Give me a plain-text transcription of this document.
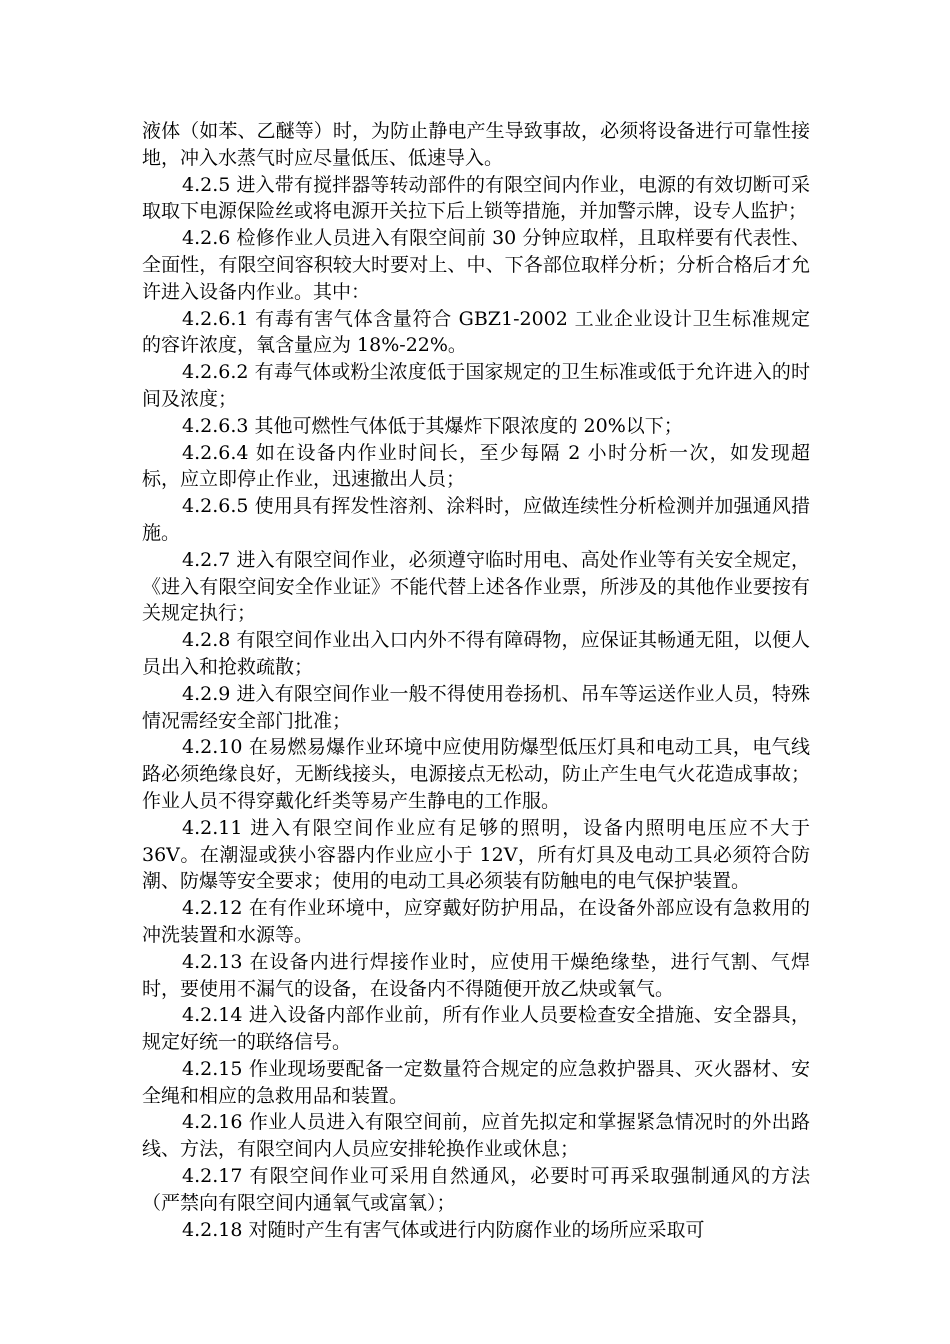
液体（如苯、乙醚等）时，为防止静电产生导致事故，必须将设备进行可靠性接地，冲入水蒸气时应尽量低压、低速导入。

4.2.5 进入带有搅拌器等转动部件的有限空间内作业，电源的有效切断可采取取下电源保险丝或将电源开关拉下后上锁等措施，并加警示牌，设专人监护；

4.2.6 检修作业人员进入有限空间前 30 分钟应取样，且取样要有代表性、全面性，有限空间容积较大时要对上、中、下各部位取样分析；分析合格后才允许进入设备内作业。其中：

4.2.6.1 有毒有害气体含量符合 GBZ1-2002 工业企业设计卫生标准规定的容许浓度，氧含量应为 18%-22%。

4.2.6.2 有毒气体或粉尘浓度低于国家规定的卫生标准或低于允许进入的时间及浓度；

4.2.6.3 其他可燃性气体低于其爆炸下限浓度的 20%以下；

4.2.6.4 如在设备内作业时间长，至少每隔 2 小时分析一次，如发现超标，应立即停止作业，迅速撤出人员；

4.2.6.5 使用具有挥发性溶剂、涂料时，应做连续性分析检测并加强通风措施。

4.2.7 进入有限空间作业，必须遵守临时用电、高处作业等有关安全规定，《进入有限空间安全作业证》不能代替上述各作业票，所涉及的其他作业要按有关规定执行；

4.2.8 有限空间作业出入口内外不得有障碍物，应保证其畅通无阻，以便人员出入和抢救疏散；

4.2.9 进入有限空间作业一般不得使用卷扬机、吊车等运送作业人员，特殊情况需经安全部门批准；

4.2.10 在易燃易爆作业环境中应使用防爆型低压灯具和电动工具，电气线路必须绝缘良好，无断线接头，电源接点无松动，防止产生电气火花造成事故；作业人员不得穿戴化纤类等易产生静电的工作服。

4.2.11 进入有限空间作业应有足够的照明，设备内照明电压应不大于 36V。在潮湿或狭小容器内作业应小于 12V，所有灯具及电动工具必须符合防潮、防爆等安全要求；使用的电动工具必须装有防触电的电气保护装置。

4.2.12 在有作业环境中，应穿戴好防护用品，在设备外部应设有急救用的冲洗装置和水源等。

4.2.13 在设备内进行焊接作业时，应使用干燥绝缘垫，进行气割、气焊时，要使用不漏气的设备，在设备内不得随便开放乙炔或氧气。

4.2.14 进入设备内部作业前，所有作业人员要检查安全措施、安全器具，规定好统一的联络信号。

4.2.15 作业现场要配备一定数量符合规定的应急救护器具、灭火器材、安全绳和相应的急救用品和装置。

4.2.16 作业人员进入有限空间前，应首先拟定和掌握紧急情况时的外出路线、方法，有限空间内人员应安排轮换作业或休息；

4.2.17 有限空间作业可采用自然通风，必要时可再采取强制通风的方法（严禁向有限空间内通氧气或富氧）；

4.2.18 对随时产生有害气体或进行内防腐作业的场所应采取可
